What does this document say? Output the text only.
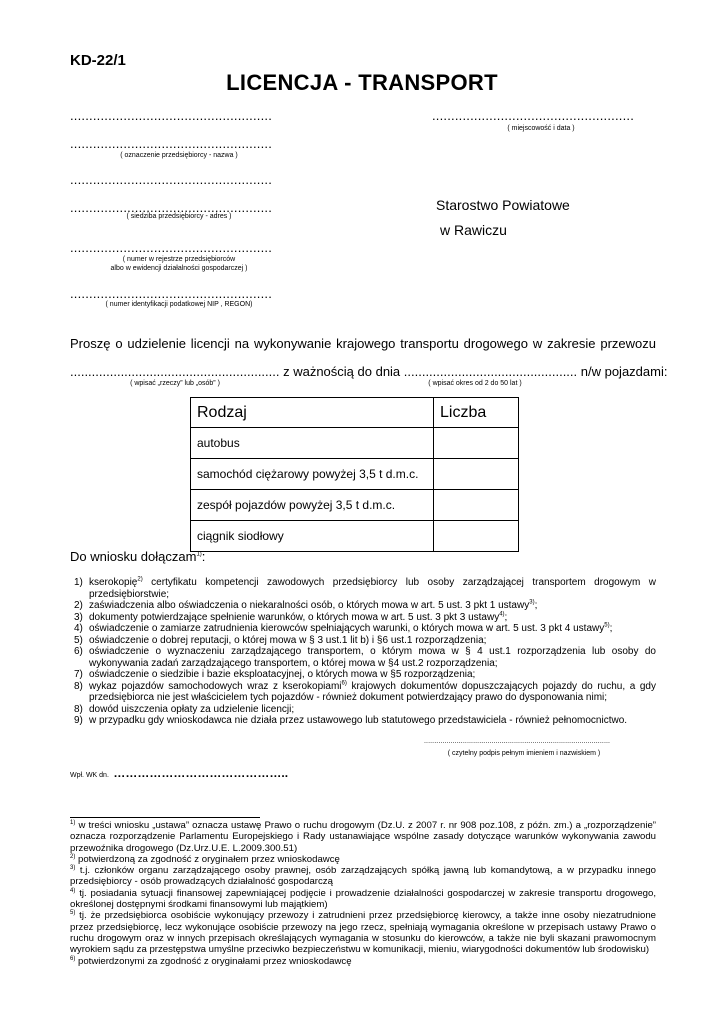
KD-22/1
LICENCJA - TRANSPORT
.....................................................
.....................................................
( oznaczenie przedsiębiorcy - nazwa )
.....................................................
.....................................................
( siedziba przedsiębiorcy - adres )
.....................................................
( numer w rejestrze przedsiębiorców
albo w ewidencji działalności gospodarczej )
.....................................................
( numer identyfikacji podatkowej NIP , REGON)
.....................................................
( miejscowość i data )
Starostwo Powiatowe
w Rawiczu
Proszę o udzielenie licencji na wykonywanie krajowego transportu drogowego w zakresie przewozu
.......................................................... z ważnością do dnia ................................................ n/w pojazdami:
( wpisać „rzeczy” lub „osób” )	( wpisać okres od 2 do 50 lat )
Rodzaj	Liczba
autobus	
samochód ciężarowy powyżej 3,5 t d.m.c.	
zespół pojazdów powyżej 3,5 t d.m.c.	
ciągnik siodłowy	
Do wniosku dołączam$^{1)}$:
1) kserokopię$^{2)}$ certyfikatu kompetencji zawodowych przedsiębiorcy lub osoby zarządzającej transportem drogowym w przedsiębiorstwie;
2) zaświadczenia albo oświadczenia o niekaralności osób, o których mowa w art. 5 ust. 3 pkt 1 ustawy$^{3)}$;
3) dokumenty potwierdzające spełnienie warunków, o których mowa w art. 5 ust. 3 pkt 3 ustawy$^{4)}$;
4) oświadczenie o zamiarze zatrudnienia kierowców spełniających warunki, o których mowa w art. 5 ust. 3 pkt 4 ustawy$^{5)}$;
5) oświadczenie o dobrej reputacji, o której mowa w § 3 ust.1 lit b) i §6 ust.1 rozporządzenia;
6) oświadczenie o wyznaczeniu zarządzającego transportem, o którym mowa w § 4 ust.1 rozporządzenia lub osoby do wykonywania zadań zarządzającego transportem, o której mowa w §4 ust.2 rozporządzenia;
7) oświadczenie o siedzibie i bazie eksploatacyjnej, o których mowa w §5 rozporządzenia;
8) wykaz pojazdów samochodowych wraz z kserokopiami$^{6)}$ krajowych dokumentów dopuszczających pojazdy do ruchu, a gdy przedsiębiorca nie jest właścicielem tych pojazdów - również dokument potwierdzający prawo do dysponowania nimi;
8) dowód uiszczenia opłaty za udzielenie licencji;
9) w przypadku gdy wnioskodawca nie działa przez ustawowego lub statutowego przedstawiciela - również pełnomocnictwo.
...........................................................................................
( czytelny podpis pełnym imieniem i nazwiskiem )
Wpł. WK dn. ……………………………………..

$^{1)}$ w treści wniosku „ustawa” oznacza ustawę Prawo o ruchu drogowym (Dz.U. z 2007 r. nr 908 poz.108, z późn. zm.) a „rozporządzenie” oznacza rozporządzenie Parlamentu Europejskiego i Rady ustanawiające wspólne zasady dotyczące warunków wykonywania zawodu przewoźnika drogowego (Dz.Urz.U.E. L.2009.300.51)

$^{2)}$ potwierdzoną za zgodność z oryginałem przez wnioskodawcę

$^{3)}$ t.j. członków organu zarządzającego osoby prawnej, osób zarządzających spółką jawną lub komandytową, a w przypadku innego przedsiębiorcy - osób prowadzących działalność gospodarczą

$^{4)}$ tj. posiadania sytuacji finansowej zapewniającej podjęcie i prowadzenie działalności gospodarczej w zakresie transportu drogowego, określonej dostępnymi środkami finansowymi lub majątkiem)

$^{5)}$ tj. że przedsiębiorca osobiście wykonujący przewozy i zatrudnieni przez przedsiębiorcę kierowcy, a także inne osoby niezatrudnione przez przedsiębiorcę, lecz wykonujące osobiście przewozy na jego rzecz, spełniają wymagania określone w przepisach ustawy Prawo o ruchu drogowym oraz w innych przepisach określających wymagania w stosunku do kierowców, a także nie byli skazani prawomocnym wyrokiem sądu za przestępstwa umyślne przeciwko bezpieczeństwu w komunikacji, mieniu, wiarygodności dokumentów lub środowisku)

$^{6)}$ potwierdzonymi za zgodność z oryginałami przez wnioskodawcę
